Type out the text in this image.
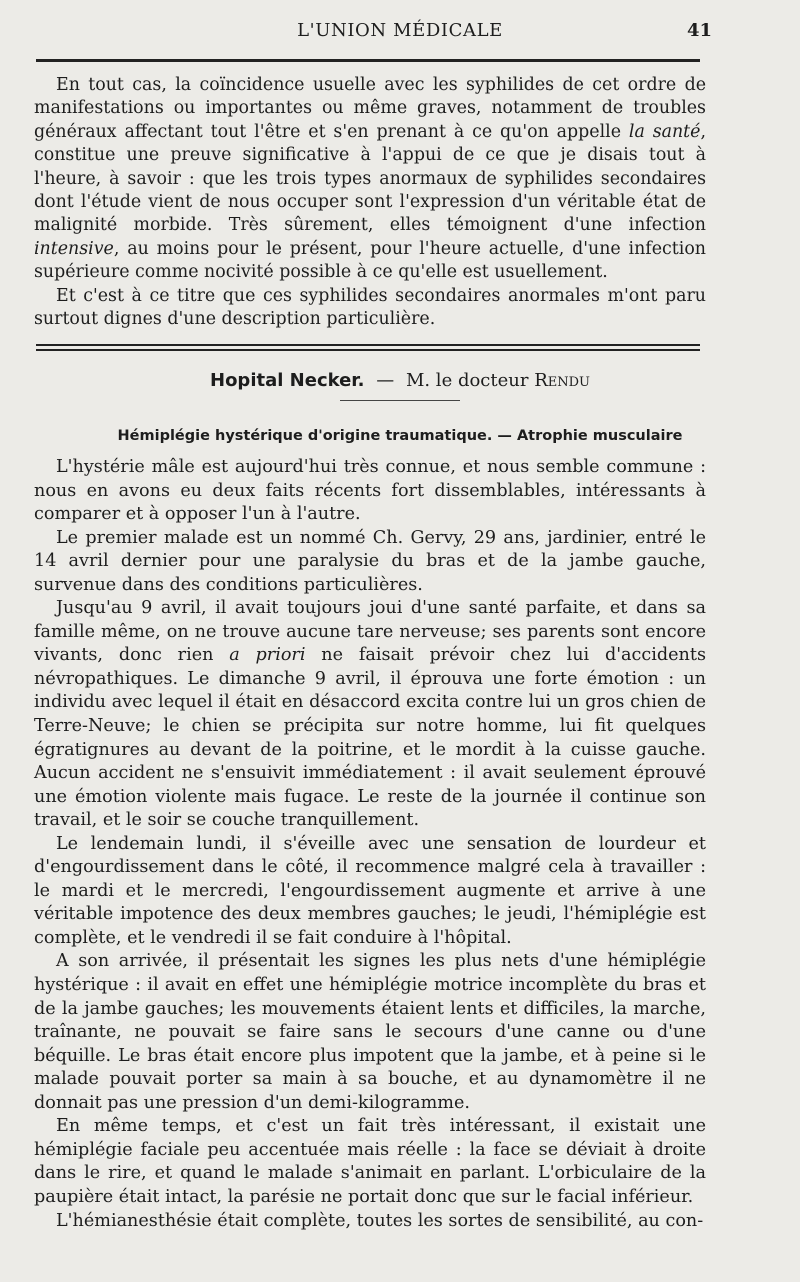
L'UNION MÉDICALE	41

En tout cas, la coïncidence usuelle avec les syphilides de cet ordre de manifestations ou importantes ou même graves, notamment de troubles généraux affectant tout l'être et s'en prenant à ce qu'on appelle la santé, constitue une preuve significative à l'appui de ce que je disais tout à l'heure, à savoir : que les trois types anormaux de syphilides secondaires dont l'étude vient de nous occuper sont l'expression d'un véritable état de malignité morbide. Très sûrement, elles témoignent d'une infection intensive, au moins pour le présent, pour l'heure actuelle, d'une infection supérieure comme nocivité possible à ce qu'elle est usuellement.

Et c'est à ce titre que ces syphilides secondaires anormales m'ont paru surtout dignes d'une description particulière.

Hopital Necker. — M. le docteur Rendu
Hémiplégie hystérique d'origine traumatique. — Atrophie musculaire

L'hystérie mâle est aujourd'hui très connue, et nous semble commune : nous en avons eu deux faits récents fort dissemblables, intéressants à comparer et à opposer l'un à l'autre.

Le premier malade est un nommé Ch. Gervy, 29 ans, jardinier, entré le 14 avril dernier pour une paralysie du bras et de la jambe gauche, survenue dans des conditions particulières.

Jusqu'au 9 avril, il avait toujours joui d'une santé parfaite, et dans sa famille même, on ne trouve aucune tare nerveuse; ses parents sont encore vivants, donc rien a priori ne faisait prévoir chez lui d'accidents névropathiques. Le dimanche 9 avril, il éprouva une forte émotion : un individu avec lequel il était en désaccord excita contre lui un gros chien de Terre-Neuve; le chien se précipita sur notre homme, lui fit quelques égratignures au devant de la poitrine, et le mordit à la cuisse gauche. Aucun accident ne s'ensuivit immédiatement : il avait seulement éprouvé une émotion violente mais fugace. Le reste de la journée il continue son travail, et le soir se couche tranquillement.

Le lendemain lundi, il s'éveille avec une sensation de lourdeur et d'engourdissement dans le côté, il recommence malgré cela à travailler : le mardi et le mercredi, l'engourdissement augmente et arrive à une véritable impotence des deux membres gauches; le jeudi, l'hémiplégie est complète, et le vendredi il se fait conduire à l'hôpital.

A son arrivée, il présentait les signes les plus nets d'une hémiplégie hystérique : il avait en effet une hémiplégie motrice incomplète du bras et de la jambe gauches; les mouvements étaient lents et difficiles, la marche, traînante, ne pouvait se faire sans le secours d'une canne ou d'une béquille. Le bras était encore plus impotent que la jambe, et à peine si le malade pouvait porter sa main à sa bouche, et au dynamomètre il ne donnait pas une pression d'un demi-kilogramme.

En même temps, et c'est un fait très intéressant, il existait une hémiplégie faciale peu accentuée mais réelle : la face se déviait à droite dans le rire, et quand le malade s'animait en parlant. L'orbiculaire de la paupière était intact, la parésie ne portait donc que sur le facial inférieur.

L'hémianesthésie était complète, toutes les sortes de sensibilité, au con-
